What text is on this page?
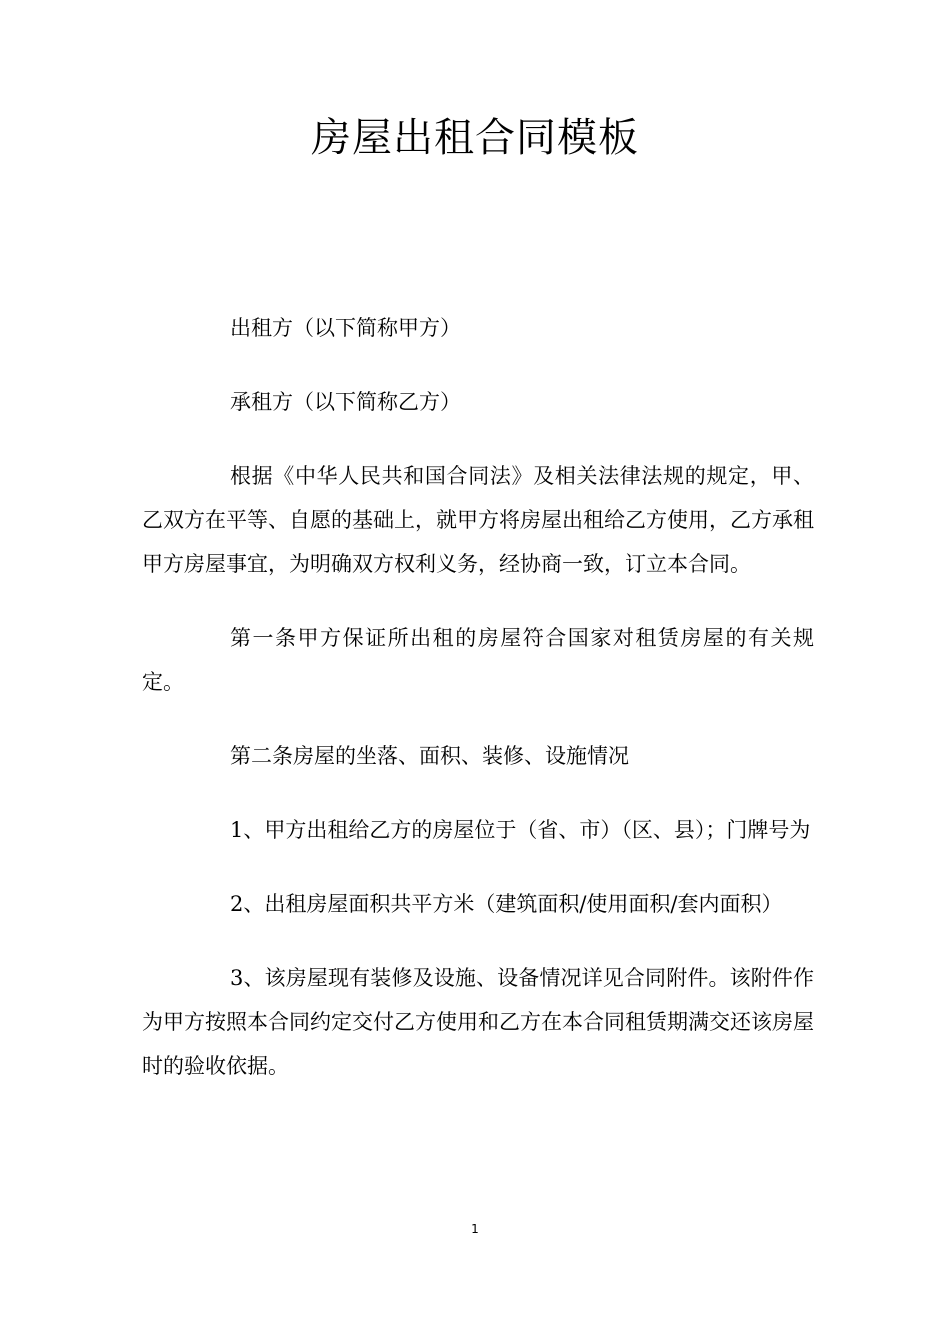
房屋出租合同模板

出租方（以下简称甲方）

承租方（以下简称乙方）

根据《中华人民共和国合同法》及相关法律法规的规定，甲、乙双方在平等、自愿的基础上，就甲方将房屋出租给乙方使用，乙方承租甲方房屋事宜，为明确双方权利义务，经协商一致，订立本合同。

第一条甲方保证所出租的房屋符合国家对租赁房屋的有关规定。

第二条房屋的坐落、面积、装修、设施情况

1、甲方出租给乙方的房屋位于（省、市）（区、县）；门牌号为

2、出租房屋面积共平方米（建筑面积/使用面积/套内面积）

3、该房屋现有装修及设施、设备情况详见合同附件。该附件作为甲方按照本合同约定交付乙方使用和乙方在本合同租赁期满交还该房屋时的验收依据。

1
